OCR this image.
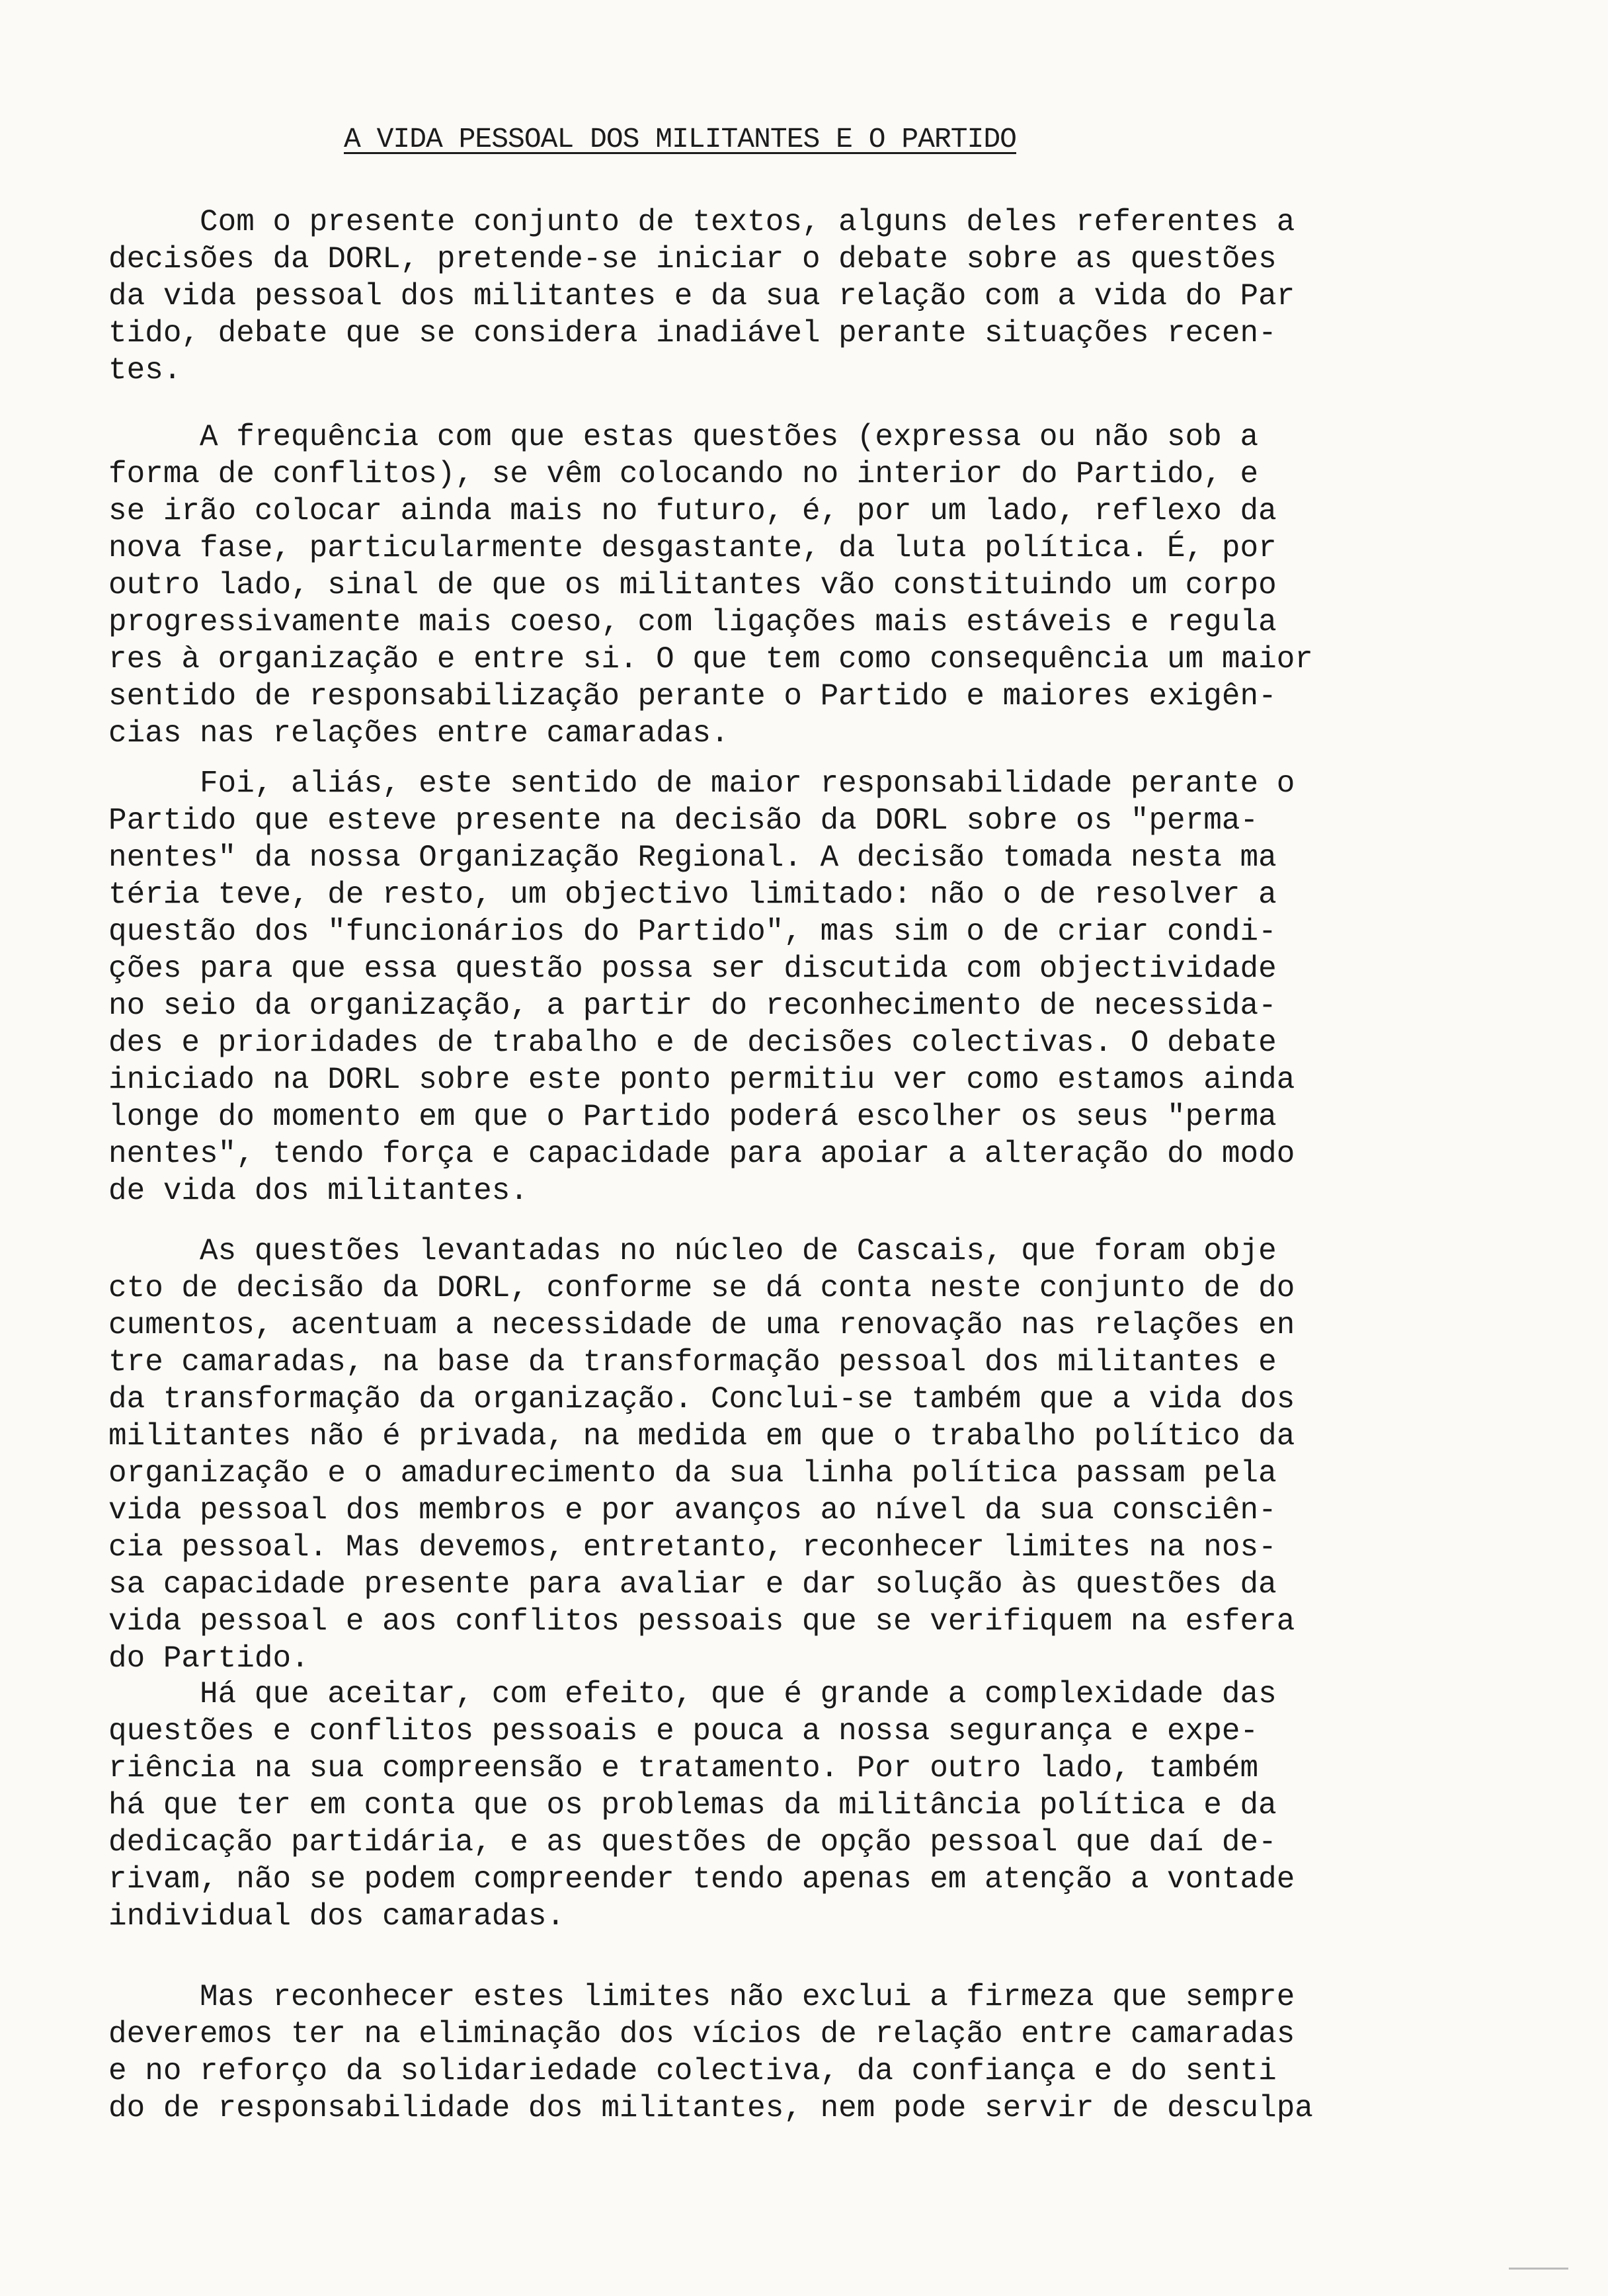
A VIDA PESSOAL DOS MILITANTES E O PARTIDO
Com o presente conjunto de textos, alguns deles referentes a
decisões da DORL, pretende-se iniciar o debate sobre as questões
da vida pessoal dos militantes e da sua relação com a vida do Par
tido, debate que se considera inadiável perante situações recen-
tes.
A frequência com que estas questões (expressa ou não sob a
forma de conflitos), se vêm colocando no interior do Partido, e
se irão colocar ainda mais no futuro, é, por um lado, reflexo da
nova fase, particularmente desgastante, da luta política. É, por
outro lado, sinal de que os militantes vão constituindo um corpo
progressivamente mais coeso, com ligações mais estáveis e regula
res à organização e entre si. O que tem como consequência um maior
sentido de responsabilização perante o Partido e maiores exigên-
cias nas relações entre camaradas.
Foi, aliás, este sentido de maior responsabilidade perante o
Partido que esteve presente na decisão da DORL sobre os "perma-
nentes" da nossa Organização Regional. A decisão tomada nesta ma
téria teve, de resto, um objectivo limitado: não o de resolver a
questão dos "funcionários do Partido", mas sim o de criar condi-
ções para que essa questão possa ser discutida com objectividade
no seio da organização, a partir do reconhecimento de necessida-
des e prioridades de trabalho e de decisões colectivas. O debate
iniciado na DORL sobre este ponto permitiu ver como estamos ainda
longe do momento em que o Partido poderá escolher os seus "perma
nentes", tendo força e capacidade para apoiar a alteração do modo
de vida dos militantes.
As questões levantadas no núcleo de Cascais, que foram obje
cto de decisão da DORL, conforme se dá conta neste conjunto de do
cumentos, acentuam a necessidade de uma renovação nas relações en
tre camaradas, na base da transformação pessoal dos militantes e
da transformação da organização. Conclui-se também que a vida dos
militantes não é privada, na medida em que o trabalho político da
organização e o amadurecimento da sua linha política passam pela
vida pessoal dos membros e por avanços ao nível da sua consciên-
cia pessoal. Mas devemos, entretanto, reconhecer limites na nos-
sa capacidade presente para avaliar e dar solução às questões da
vida pessoal e aos conflitos pessoais que se verifiquem na esfera
do Partido.
Há que aceitar, com efeito, que é grande a complexidade das
questões e conflitos pessoais e pouca a nossa segurança e expe-
riência na sua compreensão e tratamento. Por outro lado, também
há que ter em conta que os problemas da militância política e da
dedicação partidária, e as questões de opção pessoal que daí de-
rivam, não se podem compreender tendo apenas em atenção a vontade
individual dos camaradas.
Mas reconhecer estes limites não exclui a firmeza que sempre
deveremos ter na eliminação dos vícios de relação entre camaradas
e no reforço da solidariedade colectiva, da confiança e do senti
do de responsabilidade dos militantes, nem pode servir de desculpa
